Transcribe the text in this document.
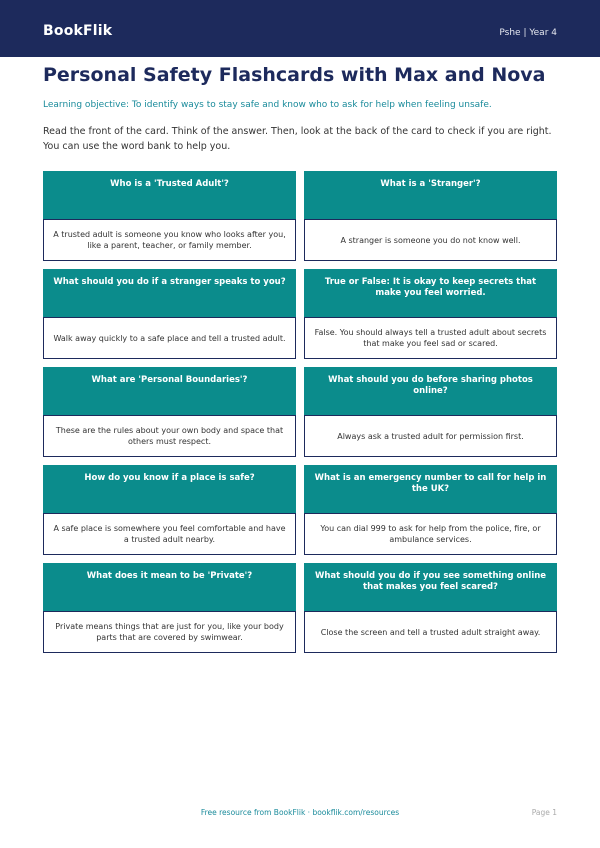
BookFlik	Pshe | Year 4
Personal Safety Flashcards with Max and Nova
Learning objective: To identify ways to stay safe and know who to ask for help when feeling unsafe.
Read the front of the card. Think of the answer. Then, look at the back of the card to check if you are right. You can use the word bank to help you.
Who is a 'Trusted Adult'?
A trusted adult is someone you know who looks after you, like a parent, teacher, or family member.
What is a 'Stranger'?
A stranger is someone you do not know well.
What should you do if a stranger speaks to you?
Walk away quickly to a safe place and tell a trusted adult.
True or False: It is okay to keep secrets that make you feel worried.
False. You should always tell a trusted adult about secrets that make you feel sad or scared.
What are 'Personal Boundaries'?
These are the rules about your own body and space that others must respect.
What should you do before sharing photos online?
Always ask a trusted adult for permission first.
How do you know if a place is safe?
A safe place is somewhere you feel comfortable and have a trusted adult nearby.
What is an emergency number to call for help in the UK?
You can dial 999 to ask for help from the police, fire, or ambulance services.
What does it mean to be 'Private'?
Private means things that are just for you, like your body parts that are covered by swimwear.
What should you do if you see something online that makes you feel scared?
Close the screen and tell a trusted adult straight away.
Free resource from BookFlik · bookflik.com/resources	Page 1
